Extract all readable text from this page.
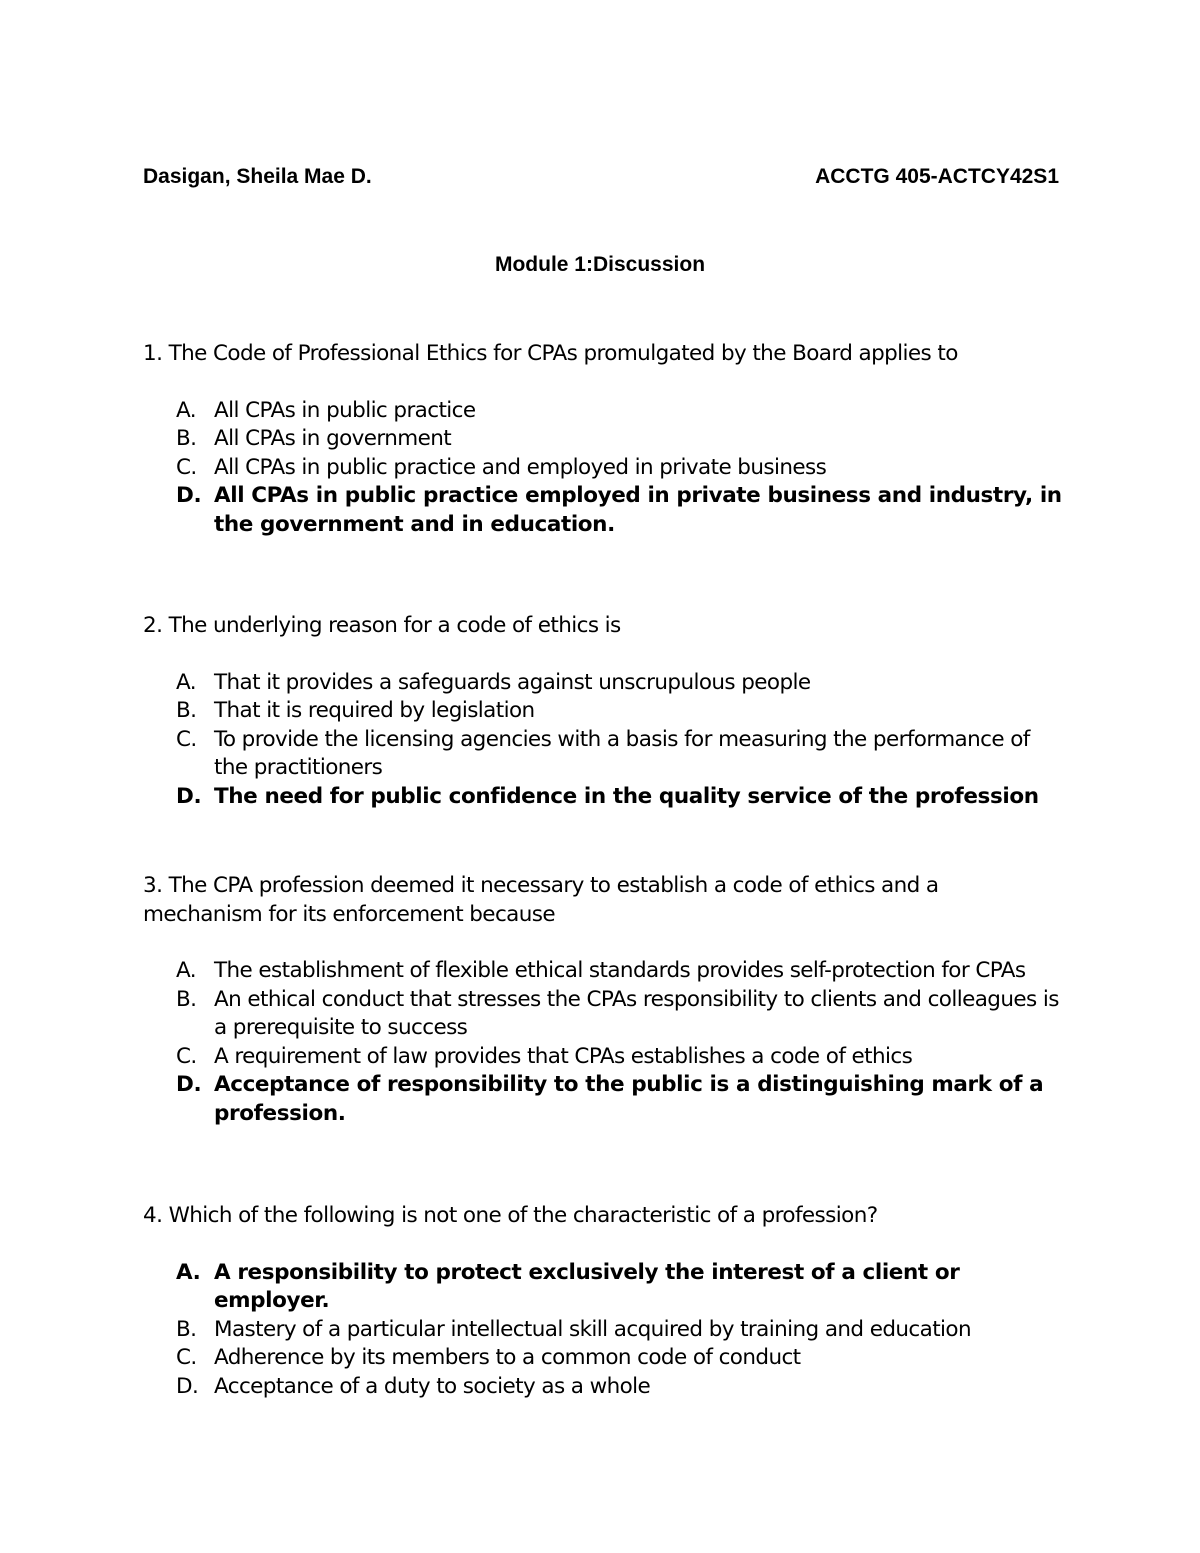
Dasigan, Sheila Mae D.	ACCTG 405-ACTCY42S1
Module 1:Discussion

1. The Code of Professional Ethics for CPAs promulgated by the Board applies to

A. All CPAs in public practice
B. All CPAs in government
C. All CPAs in public practice and employed in private business
D. All CPAs in public practice employed in private business and industry, in the government and in education.

2. The underlying reason for a code of ethics is

A. That it provides a safeguards against unscrupulous people
B. That it is required by legislation
C. To provide the licensing agencies with a basis for measuring the performance of the practitioners
D. The need for public confidence in the quality service of the profession

3. The CPA profession deemed it necessary to establish a code of ethics and a mechanism for its enforcement because

A. The establishment of flexible ethical standards provides self-protection for CPAs
B. An ethical conduct that stresses the CPAs responsibility to clients and colleagues is a prerequisite to success
C. A requirement of law provides that CPAs establishes a code of ethics
D. Acceptance of responsibility to the public is a distinguishing mark of a profession.

4. Which of the following is not one of the characteristic of a profession?

A. A responsibility to protect exclusively the interest of a client or employer.
B. Mastery of a particular intellectual skill acquired by training and education
C. Adherence by its members to a common code of conduct
D. Acceptance of a duty to society as a whole
